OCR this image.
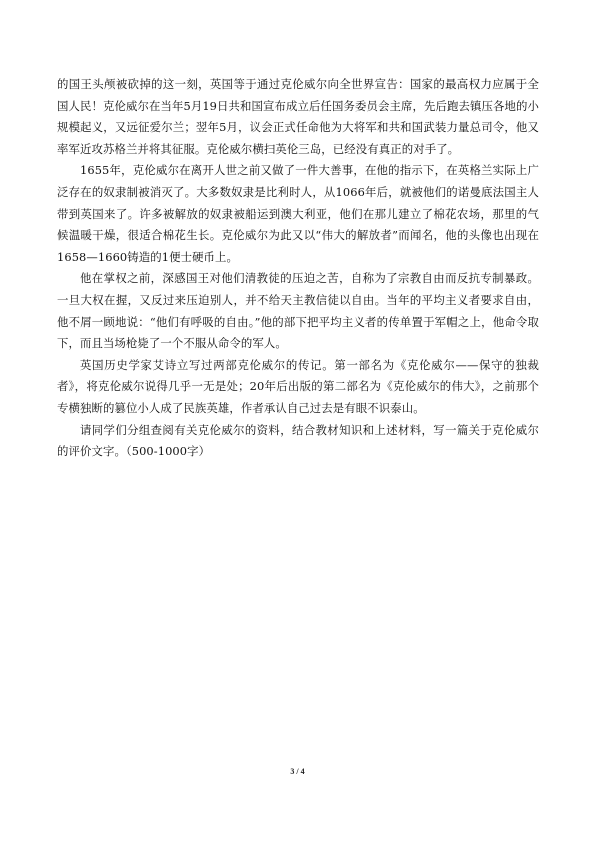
的国王头颅被砍掉的这一刻，英国等于通过克伦威尔向全世界宣告：国家的最高权力应属于全国人民！克伦威尔在当年5月19日共和国宣布成立后任国务委员会主席，先后跑去镇压各地的小规模起义，又远征爱尔兰；翌年5月，议会正式任命他为大将军和共和国武装力量总司令，他又率军近攻苏格兰并将其征服。克伦威尔横扫英伦三岛，已经没有真正的对手了。

1655年，克伦威尔在离开人世之前又做了一件大善事，在他的指示下，在英格兰实际上广泛存在的奴隶制被消灭了。大多数奴隶是比利时人，从1066年后，就被他们的诺曼底法国主人带到英国来了。许多被解放的奴隶被船运到澳大利亚，他们在那儿建立了棉花农场，那里的气候温暖干燥，很适合棉花生长。克伦威尔为此又以“伟大的解放者”而闻名，他的头像也出现在1658—1660铸造的1便士硬币上。

他在掌权之前，深感国王对他们清教徒的压迫之苦，自称为了宗教自由而反抗专制暴政。一旦大权在握，又反过来压迫别人，并不给天主教信徒以自由。当年的平均主义者要求自由，他不屑一顾地说：“他们有呼吸的自由。”他的部下把平均主义者的传单置于军帽之上，他命令取下，而且当场枪毙了一个不服从命令的军人。

英国历史学家艾诗立写过两部克伦威尔的传记。第一部名为《克伦威尔——保守的独裁者》，将克伦威尔说得几乎一无是处；20年后出版的第二部名为《克伦威尔的伟大》，之前那个专横独断的篡位小人成了民族英雄，作者承认自己过去是有眼不识泰山。

请同学们分组查阅有关克伦威尔的资料，结合教材知识和上述材料，写一篇关于克伦威尔的评价文字。（500-1000字）

3 / 4
